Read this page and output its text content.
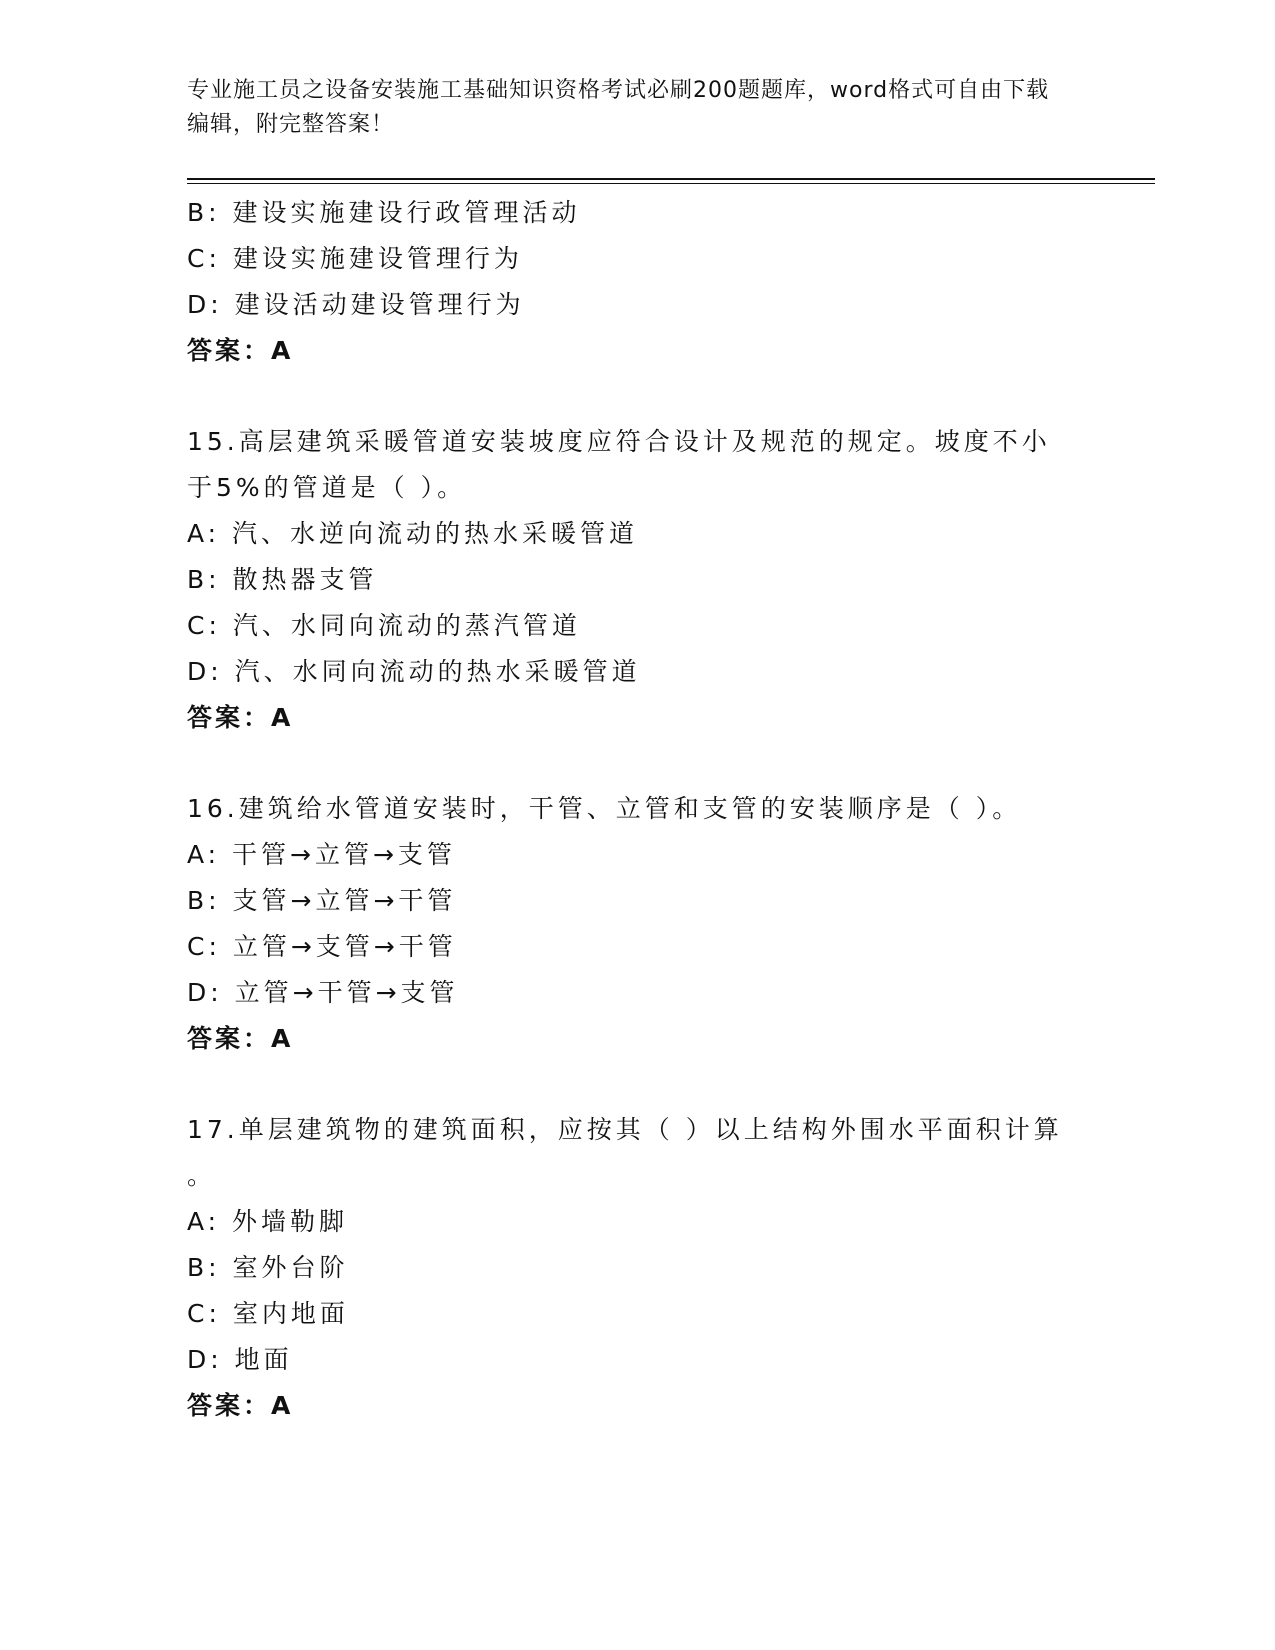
专业施工员之设备安装施工基础知识资格考试必刷200题题库，word格式可自由下载编辑，附完整答案！
B: 建设实施建设行政管理活动
C: 建设实施建设管理行为
D: 建设活动建设管理行为
答案：A
15.高层建筑采暖管道安装坡度应符合设计及规范的规定。坡度不小于5%的管道是（ ）。
A: 汽、水逆向流动的热水采暖管道
B: 散热器支管
C: 汽、水同向流动的蒸汽管道
D: 汽、水同向流动的热水采暖管道
答案：A
16.建筑给水管道安装时，干管、立管和支管的安装顺序是（ ）。
A: 干管→立管→支管
B: 支管→立管→干管
C: 立管→支管→干管
D: 立管→干管→支管
答案：A
17.单层建筑物的建筑面积，应按其（ ）以上结构外围水平面积计算
。
A: 外墙勒脚
B: 室外台阶
C: 室内地面
D: 地面
答案：A
